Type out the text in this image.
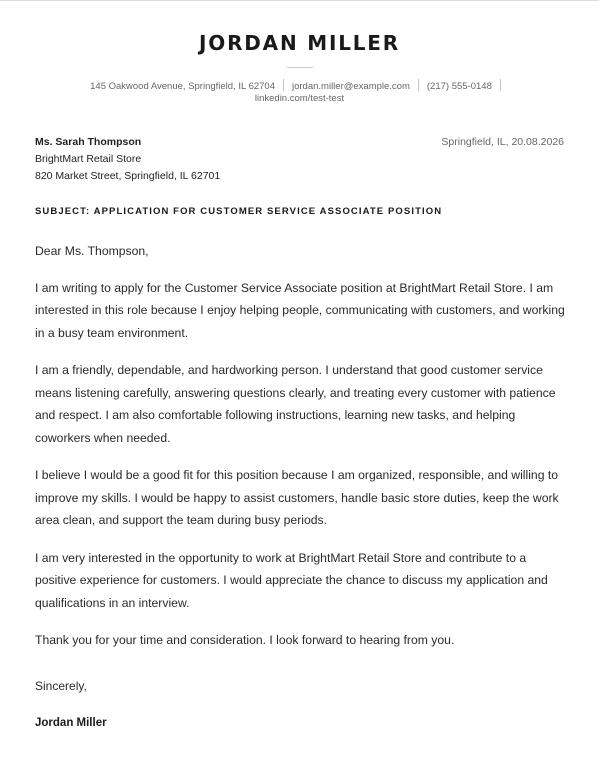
JORDAN MILLER
145 Oakwood Avenue, Springfield, IL 62704 jordan.miller@example.com (217) 555-0148
linkedin.com/test-test
Ms. Sarah Thompson
BrightMart Retail Store
820 Market Street, Springfield, IL 62701
Springfield, IL, 20.08.2026
SUBJECT: APPLICATION FOR CUSTOMER SERVICE ASSOCIATE POSITION

Dear Ms. Thompson,

I am writing to apply for the Customer Service Associate position at BrightMart Retail Store. I am interested in this role because I enjoy helping people, communicating with customers, and working in a busy team environment.

I am a friendly, dependable, and hardworking person. I understand that good customer service means listening carefully, answering questions clearly, and treating every customer with patience and respect. I am also comfortable following instructions, learning new tasks, and helping coworkers when needed.

I believe I would be a good fit for this position because I am organized, responsible, and willing to improve my skills. I would be happy to assist customers, handle basic store duties, keep the work area clean, and support the team during busy periods.

I am very interested in the opportunity to work at BrightMart Retail Store and contribute to a positive experience for customers. I would appreciate the chance to discuss my application and qualifications in an interview.

Thank you for your time and consideration. I look forward to hearing from you.

Sincerely,
Jordan Miller
